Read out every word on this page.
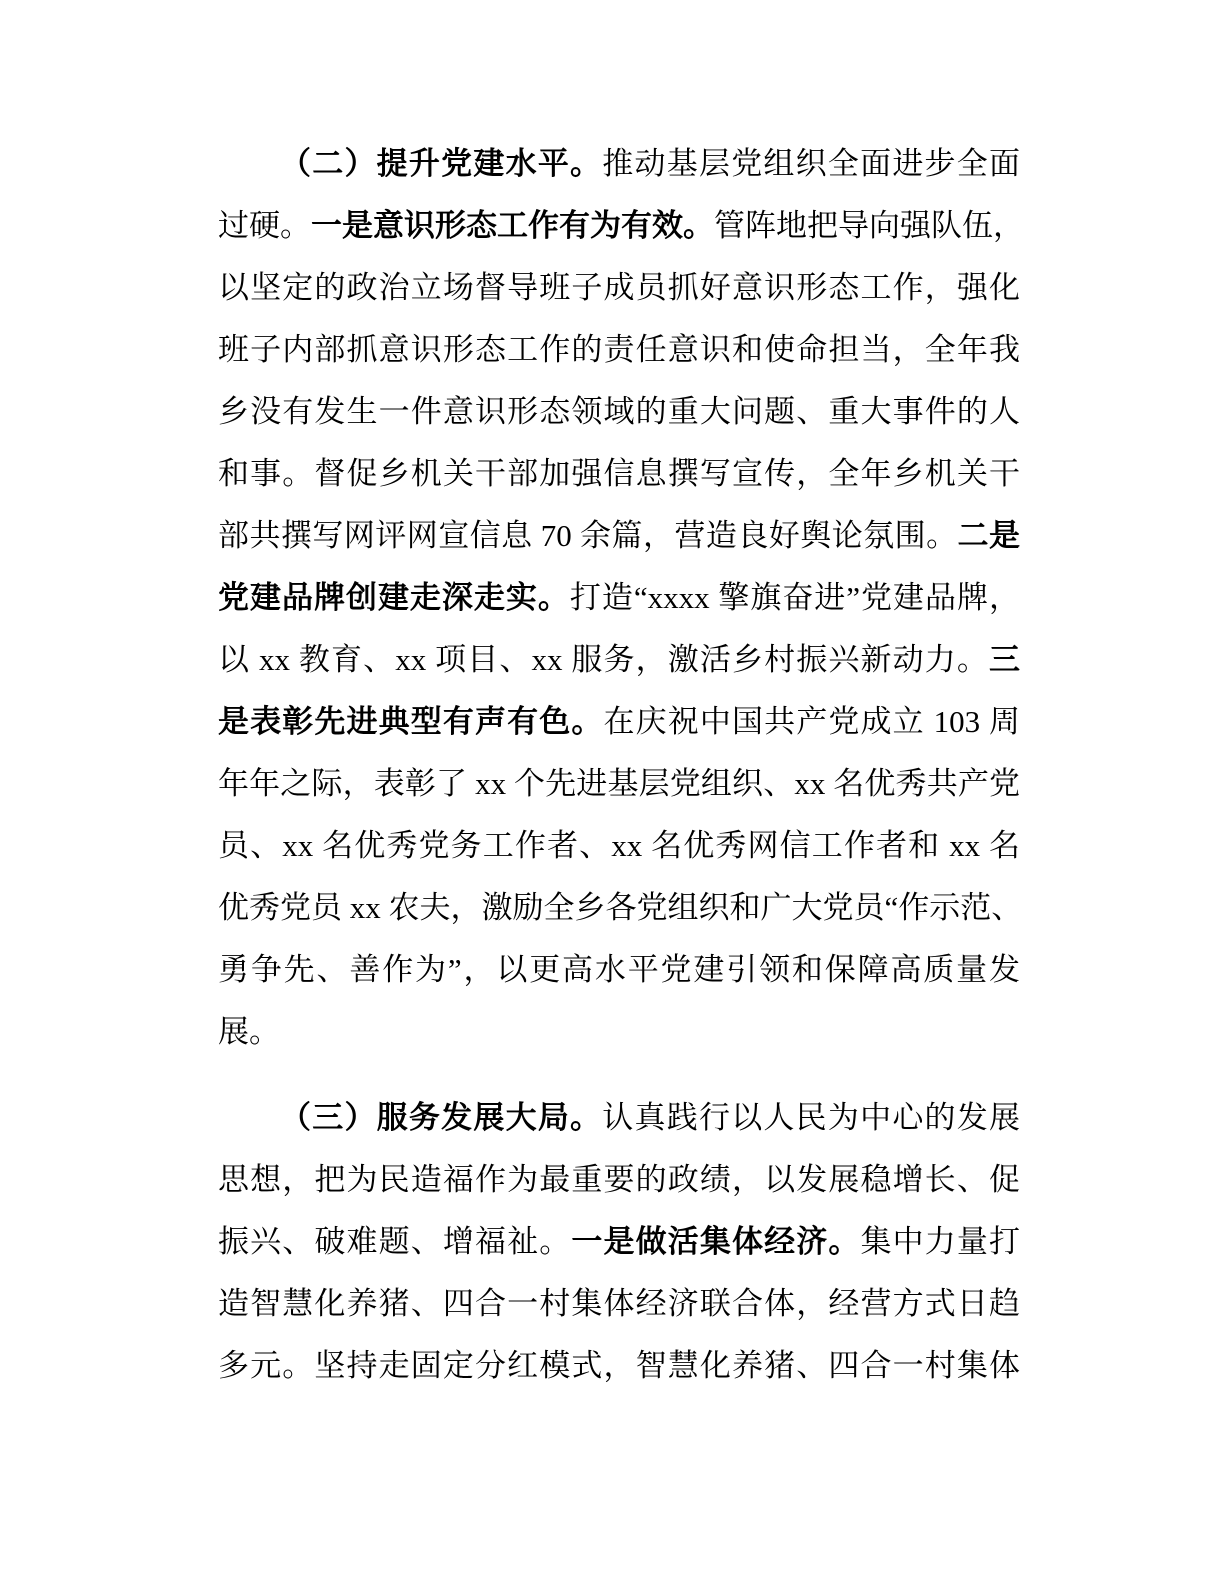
（二）提升党建水平。推动基层党组织全面进步全面
过硬。一是意识形态工作有为有效。管阵地把导向强队伍，
以坚定的政治立场督导班子成员抓好意识形态工作，强化
班子内部抓意识形态工作的责任意识和使命担当，全年我
乡没有发生一件意识形态领域的重大问题、重大事件的人
和事。督促乡机关干部加强信息撰写宣传，全年乡机关干
部共撰写网评网宣信息 70 余篇，营造良好舆论氛围。二是
党建品牌创建走深走实。打造“xxxx 擎旗奋进”党建品牌，
以 xx 教育、xx 项目、xx 服务，激活乡村振兴新动力。三
是表彰先进典型有声有色。在庆祝中国共产党成立 103 周
年年之际，表彰了 xx 个先进基层党组织、xx 名优秀共产党
员、xx 名优秀党务工作者、xx 名优秀网信工作者和 xx 名
优秀党员 xx 农夫，激励全乡各党组织和广大党员“作示范、
勇争先、善作为”，以更高水平党建引领和保障高质量发
展。
（三）服务发展大局。认真践行以人民为中心的发展
思想，把为民造福作为最重要的政绩，以发展稳增长、促
振兴、破难题、增福祉。一是做活集体经济。集中力量打
造智慧化养猪、四合一村集体经济联合体，经营方式日趋
多元。坚持走固定分红模式，智慧化养猪、四合一村集体
